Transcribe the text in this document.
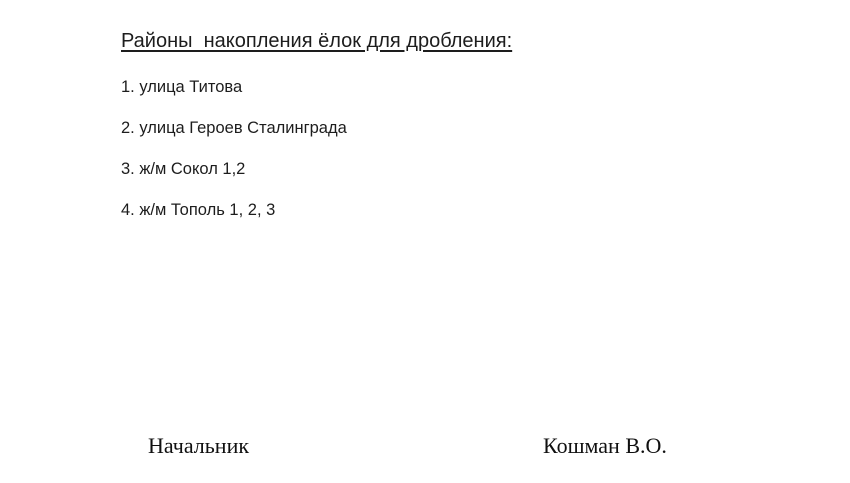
Районы  накопления ёлок для дробления:

1. улица Титова

2. улица Героев Сталинграда

3. ж/м Сокол 1,2

4. ж/м Тополь 1, 2, 3

Начальник	Кошман В.О.
